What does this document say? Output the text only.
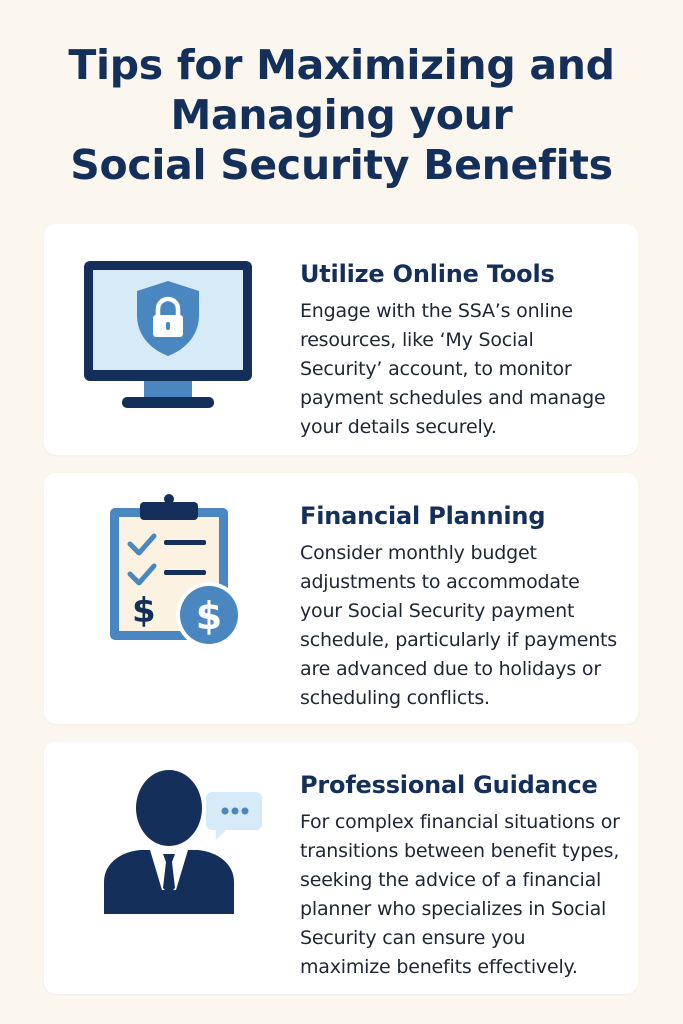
Tips for Maximizing and
Managing your
Social Security Benefits
Utilize Online Tools

Engage with the SSA’s online resources, like ‘My Social Security’ account, to monitor payment schedules and manage your details securely.

$ $
Financial Planning

Consider monthly budget adjustments to accommodate your Social Security payment schedule, particularly if payments are advanced due to holidays or scheduling conflicts.

Professional Guidance

For complex financial situations or transitions between benefit types, seeking the advice of a financial planner who specializes in Social Security can ensure you maximize benefits effectively.
